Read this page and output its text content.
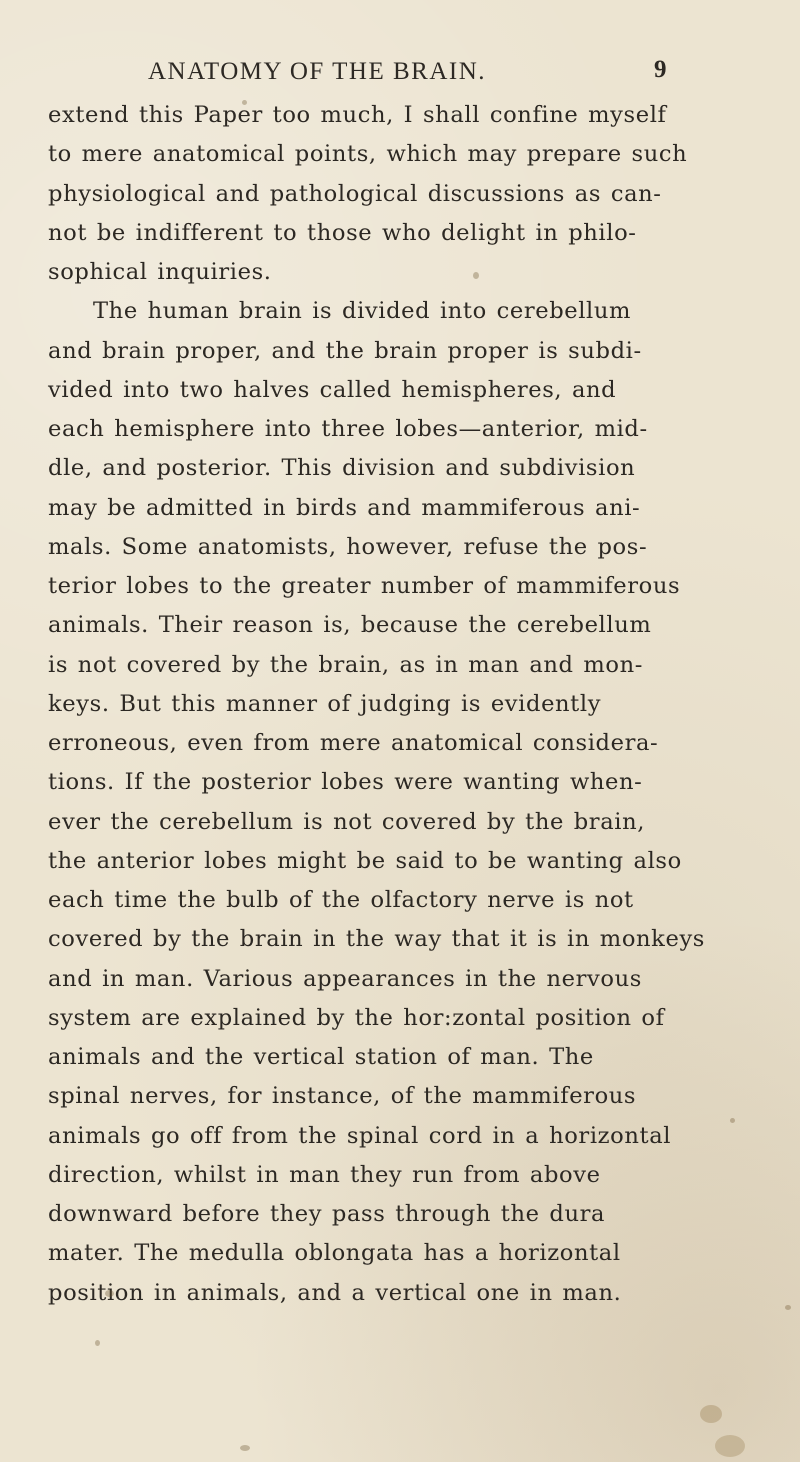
ANATOMY OF THE BRAIN.	9
extend this Paper too much, I shall confine myself
to mere anatomical points, which may prepare such
physiological and pathological discussions as can-
not be indifferent to those who delight in philo-
sophical inquiries.
The human brain is divided into cerebellum
and brain proper, and the brain proper is subdi-
vided into two halves called hemispheres, and
each hemisphere into three lobes—anterior, mid-
dle, and posterior. This division and subdivision
may be admitted in birds and mammiferous ani-
mals. Some anatomists, however, refuse the pos-
terior lobes to the greater number of mammiferous
animals. Their reason is, because the cerebellum
is not covered by the brain, as in man and mon-
keys. But this manner of judging is evidently
erroneous, even from mere anatomical considera-
tions. If the posterior lobes were wanting when-
ever the cerebellum is not covered by the brain,
the anterior lobes might be said to be wanting also
each time the bulb of the olfactory nerve is not
covered by the brain in the way that it is in monkeys
and in man. Various appearances in the nervous
system are explained by the hor:zontal position of
animals and the vertical station of man. The
spinal nerves, for instance, of the mammiferous
animals go off from the spinal cord in a horizontal
direction, whilst in man they run from above
downward before they pass through the dura
mater. The medulla oblongata has a horizontal
position in animals, and a vertical one in man.
